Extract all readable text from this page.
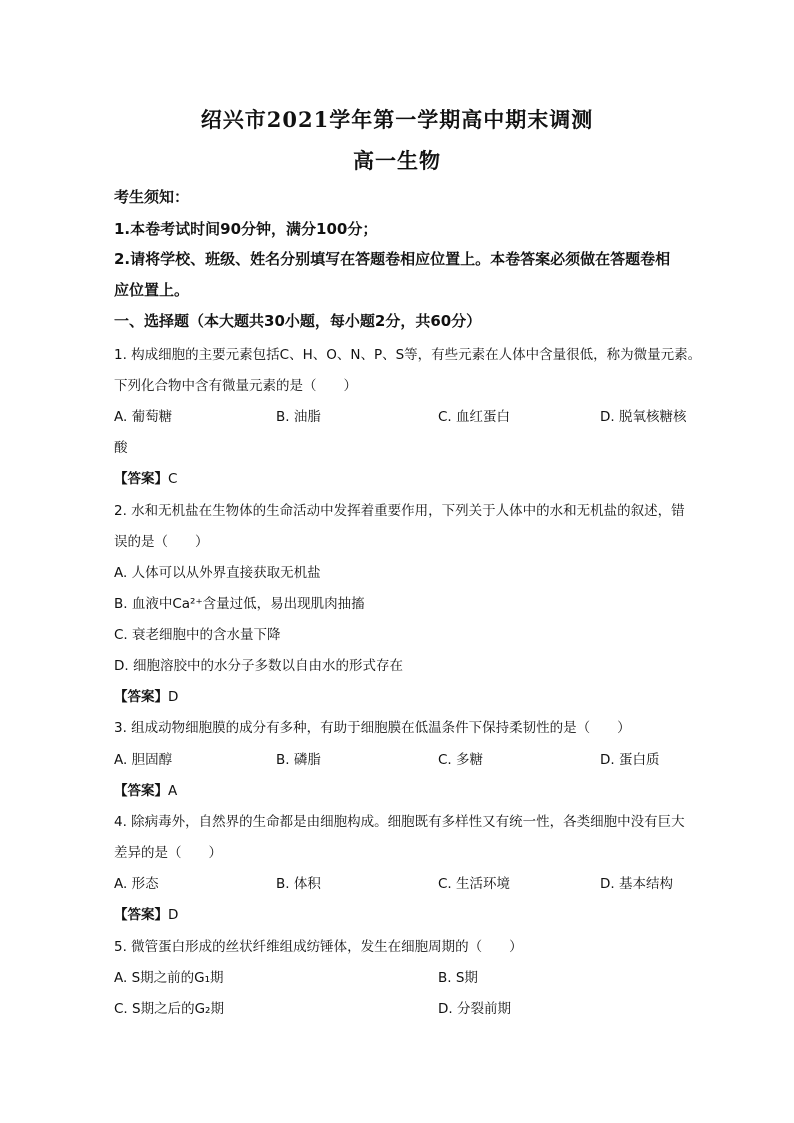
绍兴市2021学年第一学期高中期末调测
高一生物
考生须知：
1.本卷考试时间90分钟，满分100分；
2.请将学校、班级、姓名分别填写在答题卷相应位置上。本卷答案必须做在答题卷相
应位置上。
一、选择题（本大题共30小题，每小题2分，共60分）
1. 构成细胞的主要元素包括C、H、O、N、P、S等，有些元素在人体中含量很低，称为微量元素。
下列化合物中含有微量元素的是（　　）
A. 葡萄糖	B. 油脂	C. 血红蛋白	D. 脱氧核糖核
酸
【答案】C
2. 水和无机盐在生物体的生命活动中发挥着重要作用，下列关于人体中的水和无机盐的叙述，错
误的是（　　）
A. 人体可以从外界直接获取无机盐
B. 血液中Ca²⁺含量过低，易出现肌肉抽搐
C. 衰老细胞中的含水量下降
D. 细胞溶胶中的水分子多数以自由水的形式存在
【答案】D
3. 组成动物细胞膜的成分有多种，有助于细胞膜在低温条件下保持柔韧性的是（　　）
A. 胆固醇	B. 磷脂	C. 多糖	D. 蛋白质
【答案】A
4. 除病毒外，自然界的生命都是由细胞构成。细胞既有多样性又有统一性，各类细胞中没有巨大
差异的是（　　）
A. 形态	B. 体积	C. 生活环境	D. 基本结构
【答案】D
5. 微管蛋白形成的丝状纤维组成纺锤体，发生在细胞周期的（　　）
A. S期之前的G₁期	B. S期
C. S期之后的G₂期	D. 分裂前期
